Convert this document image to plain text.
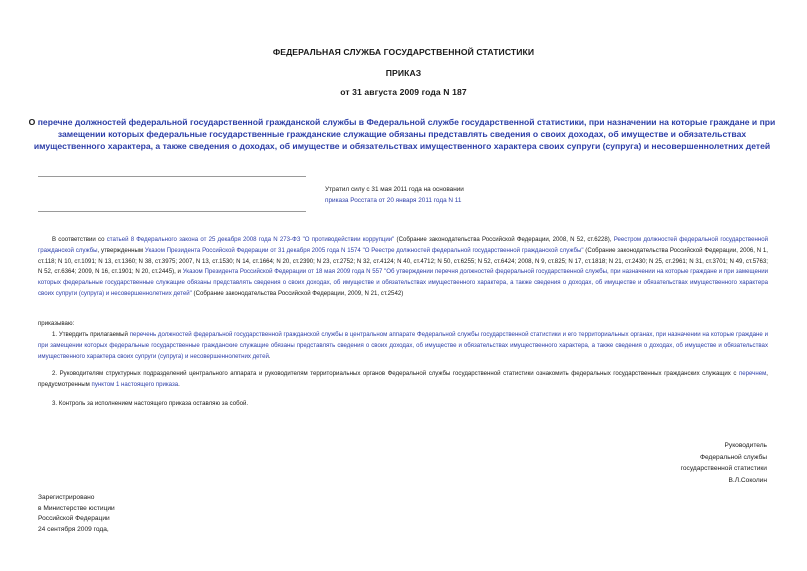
ФЕДЕРАЛЬНАЯ СЛУЖБА ГОСУДАРСТВЕННОЙ СТАТИСТИКИ
ПРИКАЗ
от 31 августа 2009 года N 187
О перечне должностей федеральной государственной гражданской службы в Федеральной службе государственной статистики, при назначении на которые граждане и при замещении которых федеральные государственные гражданские служащие обязаны представлять сведения о своих доходах, об имуществе и обязательствах имущественного характера, а также сведения о доходах, об имуществе и обязательствах имущественного характера своих супруги (супруга) и несовершеннолетних детей
Утратил силу с 31 мая 2011 года на основании
приказа Росстата от 20 января 2011 года N 11
В соответствии со статьей 8 Федерального закона от 25 декабря 2008 года N 273-ФЗ "О противодействии коррупции" (Собрание законодательства Российской Федерации, 2008, N 52, ст.6228), Реестром должностей федеральной государственной гражданской службы, утвержденным Указом Президента Российской Федерации от 31 декабря 2005 года N 1574 "О Реестре должностей федеральной государственной гражданской службы" (Собрание законодательства Российской Федерации, 2006, N 1, ст.118; N 10, ст.1091; N 13, ст.1360; N 38, ст.3975; 2007, N 13, ст.1530; N 14, ст.1664; N 20, ст.2390; N 23, ст.2752; N 32, ст.4124; N 40, ст.4712; N 50, ст.6255; N 52, ст.6424; 2008, N 9, ст.825; N 17, ст.1818; N 21, ст.2430; N 25, ст.2961; N 31, ст.3701; N 49, ст.5763; N 52, ст.6364; 2009, N 16, ст.1901; N 20, ст.2445), и Указом Президента Российской Федерации от 18 мая 2009 года N 557 "Об утверждении перечня должностей федеральной государственной службы, при назначении на которые граждане и при замещении которых федеральные государственные служащие обязаны представлять сведения о своих доходах, об имуществе и обязательствах имущественного характера, а также сведения о доходах, об имуществе и обязательствах имущественного характера своих супруги (супруга) и несовершеннолетних детей" (Собрание законодательства Российской Федерации, 2009, N 21, ст.2542)
приказываю:
1. Утвердить прилагаемый перечень должностей федеральной государственной гражданской службы в центральном аппарате Федеральной службы государственной статистики и его территориальных органах, при назначении на которые граждане и при замещении которых федеральные государственные гражданские служащие обязаны представлять сведения о своих доходах, об имуществе и обязательствах имущественного характера, а также сведения о доходах, об имуществе и обязательствах имущественного характера своих супруги (супруга) и несовершеннолетних детей.
2. Руководителям структурных подразделений центрального аппарата и руководителям территориальных органов Федеральной службы государственной статистики ознакомить федеральных государственных гражданских служащих с перечнем, предусмотренным пунктом 1 настоящего приказа.
3. Контроль за исполнением настоящего приказа оставляю за собой.
Руководитель
Федеральной службы
государственной статистики
В.Л.Соколин
Зарегистрировано
в Министерстве юстиции
Российской Федерации
24 сентября 2009 года,
